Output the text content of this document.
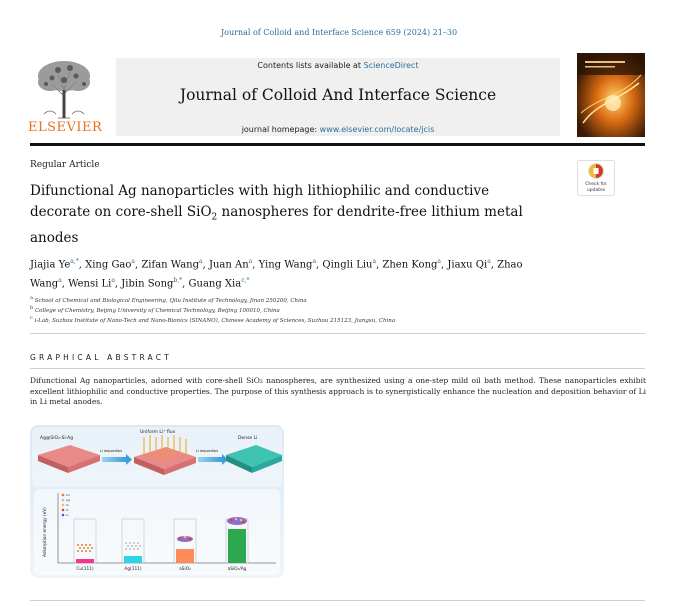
Journal of Colloid and Interface Science 659 (2024) 21–30
ELSEVIER
Contents lists available at ScienceDirect
Journal of Colloid And Interface Science
journal homepage: www.elsevier.com/locate/jcis
Regular Article
Check for
updates
Difunctional Ag nanoparticles with high lithiophilic and conductive decorate on core-shell SiO$_2$ nanospheres for dendrite-free lithium metal anodes
Jiajia $Ye^{a,*}$, Xing Gao$^a$, Zifan Wang$^a$, Juan An$^a$, Ying Wang$^a$, Qingli Liu$^a$, Zhen Kong$^a$, Jiaxu Qi$^a$, Zhao Wang$^a$, Wensi Li$^a$, Jibin Song$^{b,*}$, Guang Xia$^{c,*}$
$^a$ School of Chemical and Biological Engineering, Qilu Institute of Technology, Jinan 250200, China
$^b$ College of Chemistry, Beijing University of Chemical Technology, Beijing 100010, China
$^c$ i-Lab, Suzhou Institute of Nano-Tech and Nano-Bionics (SINANO), Chinese Academy of Sciences, Suzhou 215123, Jiangsu, China
GRAPHICAL ABSTRACT
Difunctional Ag nanoparticles, adorned with core-shell SiO₂ nanospheres, are synthesized using a one-step mild oil bath method. These nanoparticles exhibit excellent lithiophilic and conductive properties. The purpose of this synthesis approach is to synergistically enhance the nucleation and deposition behavior of Li in Li metal anodes.
Ag@SiO₂-Si-Ag
Li deposition
Uniform Li⁺ flux
Li deposition
Dense Li
Adsorption energy (eV)
Cu
Ag
Si
O
Li
Cu(111)	Ag(111)	aSiO₂	aSiO₂/Ag
